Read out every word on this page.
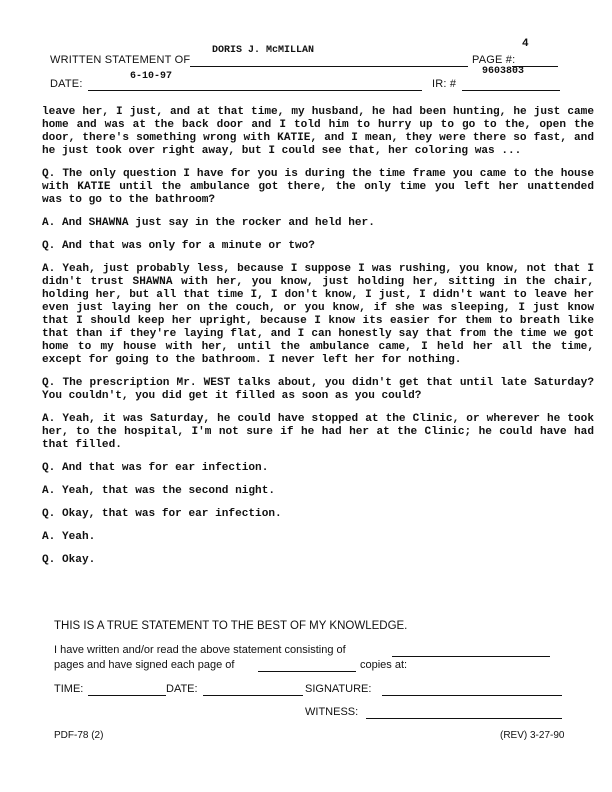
WRITTEN STATEMENT OF
DORIS J. McMILLAN
PAGE #:
4
DATE:
6-10-97
IR: #
9603803

leave her, I just, and at that time, my husband, he had been hunting, he just came home and was at the back door and I told him to hurry up to go to the, open the door, there's something wrong with KATIE, and I mean, they were there so fast, and he just took over right away, but I could see that, her coloring was ...

Q. The only question I have for you is during the time frame you came to the house with KATIE until the ambulance got there, the only time you left her unattended was to go to the bathroom?

A. And SHAWNA just say in the rocker and held her.

Q. And that was only for a minute or two?

A. Yeah, just probably less, because I suppose I was rushing, you know, not that I didn't trust SHAWNA with her, you know, just holding her, sitting in the chair, holding her, but all that time I, I don't know, I just, I didn't want to leave her even just laying her on the couch, or you know, if she was sleeping, I just know that I should keep her upright, because I know its easier for them to breath like that than if they're laying flat, and I can honestly say that from the time we got home to my house with her, until the ambulance came, I held her all the time, except for going to the bathroom. I never left her for nothing.

Q. The prescription Mr. WEST talks about, you didn't get that until late Saturday? You couldn't, you did get it filled as soon as you could?

A. Yeah, it was Saturday, he could have stopped at the Clinic, or wherever he took her, to the hospital, I'm not sure if he had her at the Clinic; he could have had that filled.

Q. And that was for ear infection.

A. Yeah, that was the second night.

Q. Okay, that was for ear infection.

A. Yeah.

Q. Okay.

THIS IS A TRUE STATEMENT TO THE BEST OF MY KNOWLEDGE.
I have written and/or read the above statement consisting of
pages and have signed each page of	copies at:
TIME:	DATE:	SIGNATURE:
WITNESS:
PDF-78 (2)	(REV) 3-27-90
